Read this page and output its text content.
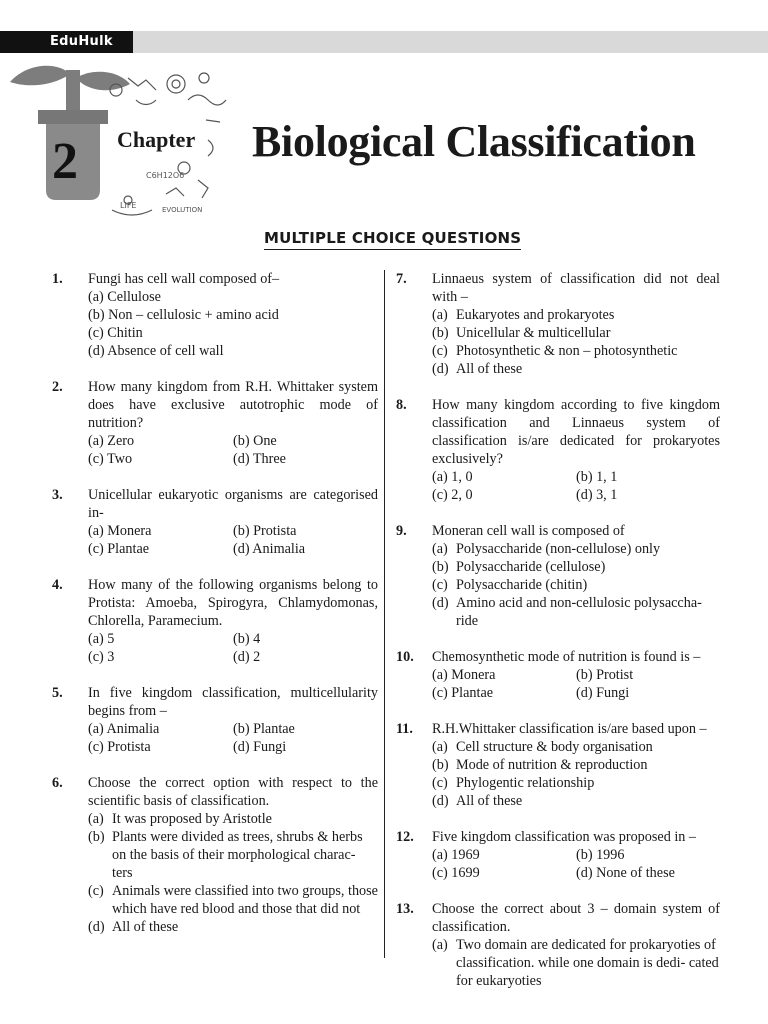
EduHulk
2	C6H12O6
LIFE	EVOLUTION
Chapter Biological Classification
MULTIPLE CHOICE QUESTIONS
1.	Fungi has cell wall composed of–
(a) Cellulose
(b) Non – cellulosic + amino acid
(c) Chitin
(d) Absence of cell wall
2.	How many kingdom from R.H. Whittaker system does have exclusive autotrophic mode of nutrition?
(a) Zero	(b) One
(c) Two	(d) Three
3.	Unicellular eukaryotic organisms are categorised in-
(a) Monera	(b) Protista
(c) Plantae	(d) Animalia
4.	How many of the following organisms belong to Protista: Amoeba, Spirogyra, Chlamydomonas, Chlorella, Paramecium.
(a) 5	(b) 4
(c) 3	(d) 2
5.	In five kingdom classification, multicellularity begins from –
(a) Animalia	(b) Plantae
(c) Protista	(d) Fungi
6.	Choose the correct option with respect to the scientific basis of classification.
(a) It was proposed by Aristotle
(b) Plants were divided as trees, shrubs & herbs on the basis of their morphological charac- ters
(c) Animals were classified into two groups, those which have red blood and those that did not
(d) All of these
7.	Linnaeus system of classification did not deal with –
(a) Eukaryotes and prokaryotes
(b) Unicellular & multicellular
(c) Photosynthetic & non – photosynthetic
(d) All of these
8.	How many kingdom according to five kingdom classification and Linnaeus system of classification is/are dedicated for prokaryotes exclusively?
(a) 1, 0	(b) 1, 1
(c) 2, 0	(d) 3, 1
9.	Moneran cell wall is composed of
(a) Polysaccharide (non-cellulose) only
(b) Polysaccharide (cellulose)
(c) Polysaccharide (chitin)
(d) Amino acid and non-cellulosic polysaccha- ride
10.	Chemosynthetic mode of nutrition is found is –
(a) Monera	(b) Protist
(c) Plantae	(d) Fungi
11.	R.H.Whittaker classification is/are based upon –
(a) Cell structure & body organisation
(b) Mode of nutrition & reproduction
(c) Phylogentic relationship
(d) All of these
12.	Five kingdom classification was proposed in –
(a) 1969	(b) 1996
(c) 1699	(d) None of these
13.	Choose the correct about 3 – domain system of classification.
(a) Two domain are dedicated for prokaryoties of classification. while one domain is dedi- cated for eukaryoties
